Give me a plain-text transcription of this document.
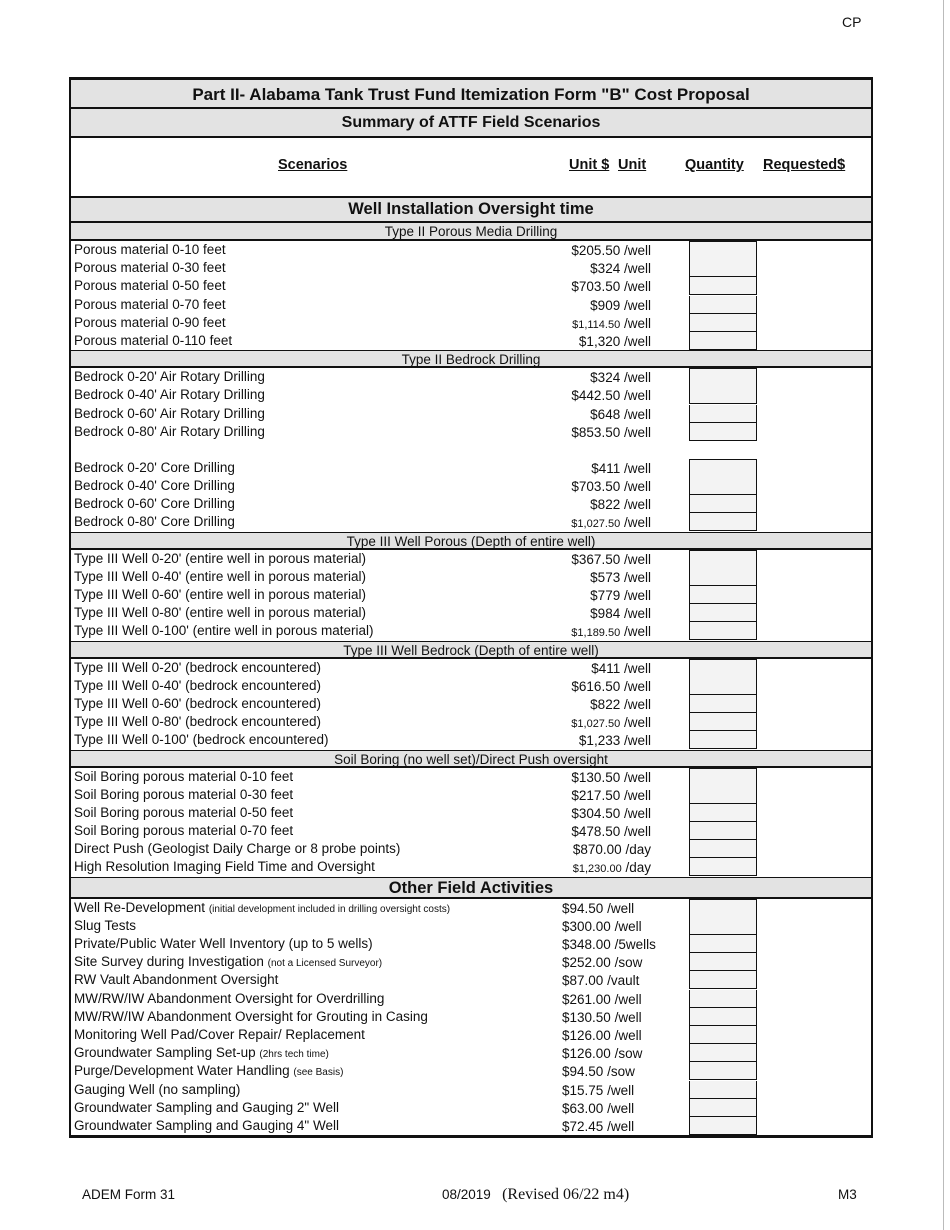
CP
Part II- Alabama Tank Trust Fund Itemization Form "B" Cost Proposal
Summary of ATTF Field Scenarios
Scenarios	Unit $ Unit	Quantity Requested$
Well Installation Oversight time
Type II Porous Media Drilling
Porous material 0-10 feet	$205.50 /well
Porous material 0-30 feet	$324 /well
Porous material 0-50 feet	$703.50 /well
Porous material 0-70 feet	$909 /well
Porous material 0-90 feet	$1,114.50 /well
Porous material 0-110 feet	$1,320 /well
Type II Bedrock Drilling
Bedrock 0-20' Air Rotary Drilling	$324 /well
Bedrock 0-40' Air Rotary Drilling	$442.50 /well
Bedrock 0-60' Air Rotary Drilling	$648 /well
Bedrock 0-80' Air Rotary Drilling	$853.50 /well
Bedrock 0-20' Core Drilling	$411 /well
Bedrock 0-40' Core Drilling	$703.50 /well
Bedrock 0-60' Core Drilling	$822 /well
Bedrock 0-80' Core Drilling	$1,027.50 /well
Type III Well Porous (Depth of entire well)
Type III Well 0-20' (entire well in porous material)	$367.50 /well
Type III Well 0-40' (entire well in porous material)	$573 /well
Type III Well 0-60' (entire well in porous material)	$779 /well
Type III Well 0-80' (entire well in porous material)	$984 /well
Type III Well 0-100' (entire well in porous material)	$1,189.50 /well
Type III Well Bedrock (Depth of entire well)
Type III Well 0-20' (bedrock encountered)	$411 /well
Type III Well 0-40' (bedrock encountered)	$616.50 /well
Type III Well 0-60' (bedrock encountered)	$822 /well
Type III Well 0-80' (bedrock encountered)	$1,027.50 /well
Type III Well 0-100' (bedrock encountered)	$1,233 /well
Soil Boring (no well set)/Direct Push oversight
Soil Boring porous material 0-10 feet	$130.50 /well
Soil Boring porous material 0-30 feet	$217.50 /well
Soil Boring porous material 0-50 feet	$304.50 /well
Soil Boring porous material 0-70 feet	$478.50 /well
Direct Push (Geologist Daily Charge or 8 probe points)	$870.00 /day
High Resolution Imaging Field Time and Oversight	$1,230.00 /day
Other Field Activities
Well Re-Development (initial development included in drilling oversight costs)	$94.50 /well
Slug Tests	$300.00 /well
Private/Public Water Well Inventory (up to 5 wells)	$348.00 /5wells
Site Survey during Investigation (not a Licensed Surveyor)	$252.00 /sow
RW Vault Abandonment Oversight	$87.00 /vault
MW/RW/IW Abandonment Oversight for Overdrilling	$261.00 /well
MW/RW/IW Abandonment Oversight for Grouting in Casing	$130.50 /well
Monitoring Well Pad/Cover Repair/ Replacement	$126.00 /well
Groundwater Sampling Set-up (2hrs tech time)	$126.00 /sow
Purge/Development Water Handling (see Basis)	$94.50 /sow
Gauging Well (no sampling)	$15.75 /well
Groundwater Sampling and Gauging 2" Well	$63.00 /well
Groundwater Sampling and Gauging 4" Well	$72.45 /well
ADEM Form 31	08/2019 (Revised 06/22 m4)	M3
